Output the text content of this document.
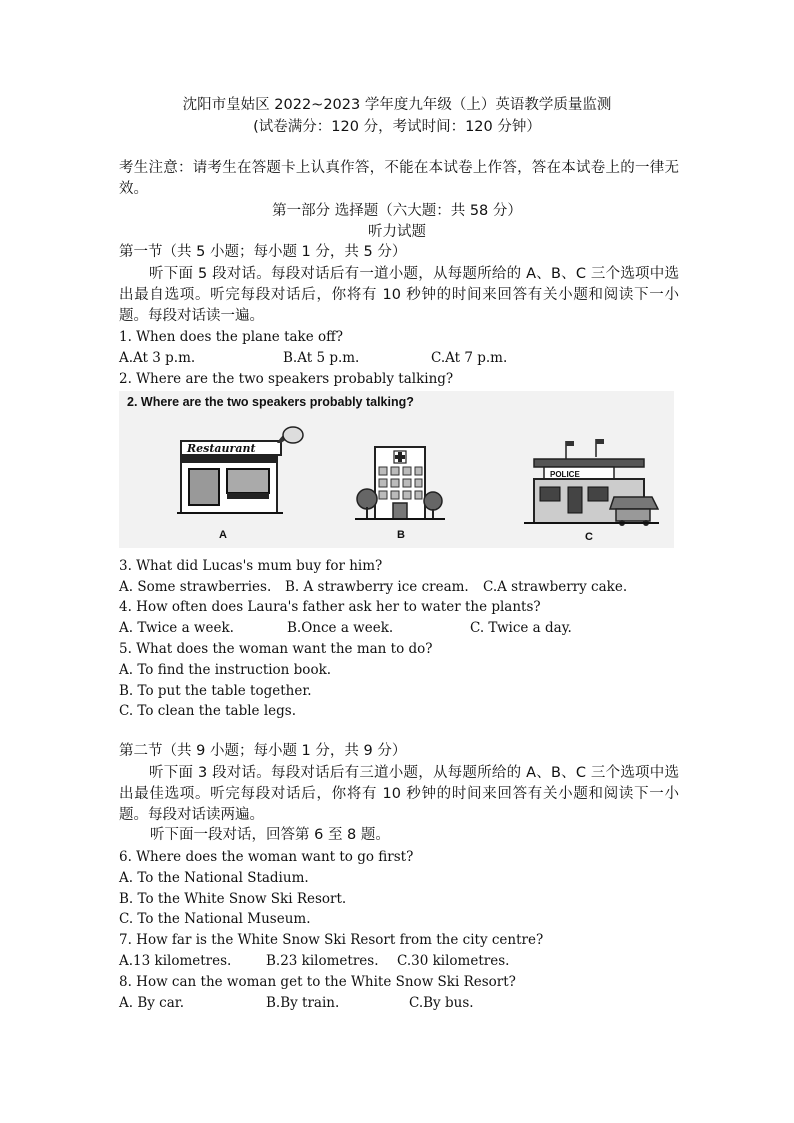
沈阳市皇姑区 2022~2023 学年度九年级（上）英语教学质量监测
(试卷满分：120 分，考试时间：120 分钟）
考生注意：请考生在答题卡上认真作答，不能在本试卷上作答，答在本试卷上的一律无效。
第一部分 选择题（六大题：共 58 分）
听力试题
第一节（共 5 小题；每小题 1 分，共 5 分）
听下面 5 段对话。每段对话后有一道小题，从每题所给的 A、B、C 三个选项中选出最自选项。听完每段对话后，你将有 10 秒钟的时间来回答有关小题和阅读下一小题。每段对话读一遍。
1. When does the plane take off?
A.At 3 p.m.	B.At 5 p.m.	C.At 7 p.m.
2. Where are the two speakers probably talking?
2. Where are the two speakers probably talking?
Restaurant
A	B
POLICE
C
3. What did Lucas's mum buy for him?
A. Some strawberries. B. A strawberry ice cream. C.A strawberry cake.
4. How often does Laura's father ask her to water the plants?
A. Twice a week.	B.Once a week.	C. Twice a day.
5. What does the woman want the man to do?
A. To find the instruction book.
B. To put the table together.
C. To clean the table legs.
第二节（共 9 小题；每小题 1 分，共 9 分）
听下面 3 段对话。每段对话后有三道小题，从每题所给的 A、B、C 三个选项中选出最佳选项。听完每段对话后，你将有 10 秒钟的时间来回答有关小题和阅读下一小题。每段对话读两遍。
听下面一段对话，回答第 6 至 8 题。
6. Where does the woman want to go first?
A. To the National Stadium.
B. To the White Snow Ski Resort.
C. To the National Museum.
7. How far is the White Snow Ski Resort from the city centre?
A.13 kilometres.	B.23 kilometres. C.30 kilometres.
8. How can the woman get to the White Snow Ski Resort?
A. By car.	B.By train.	C.By bus.
